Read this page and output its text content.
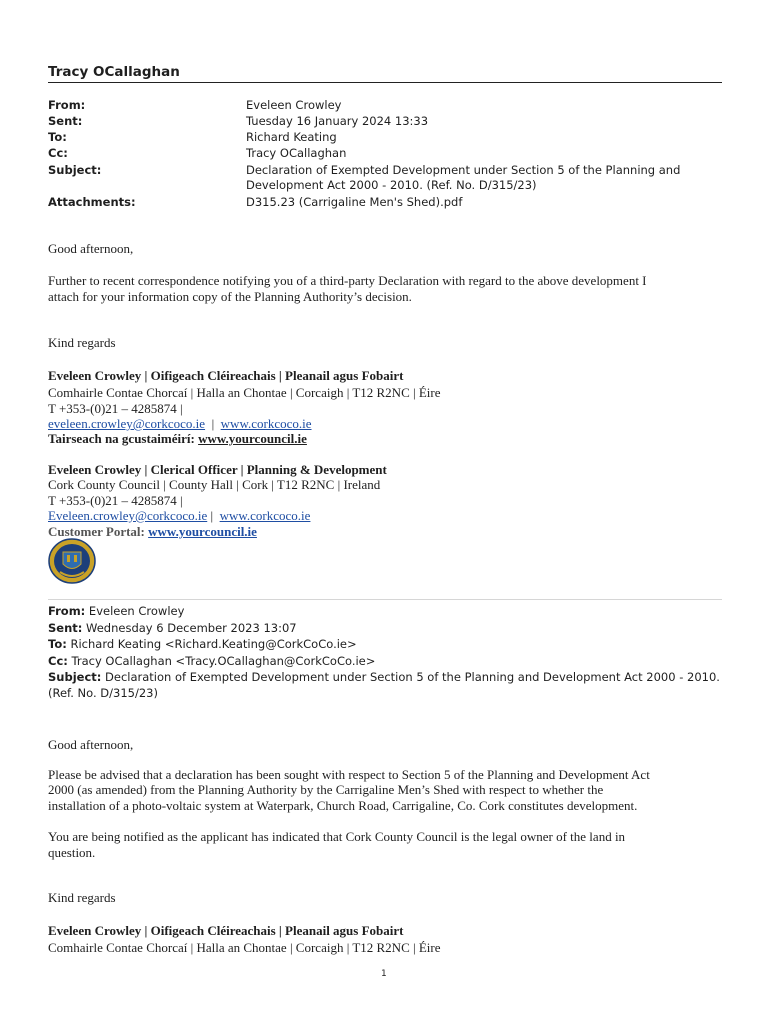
Tracy OCallaghan
From:	Eveleen Crowley
Sent:	Tuesday 16 January 2024 13:33
To:	Richard Keating
Cc:	Tracy OCallaghan
Subject:	Declaration of Exempted Development under Section 5 of the Planning and
Development Act 2000 - 2010. (Ref. No. D/315/23)
Attachments:	D315.23 (Carrigaline Men's Shed).pdf
Good afternoon,
Further to recent correspondence notifying you of a third-party Declaration with regard to the above development I
attach for your information copy of the Planning Authority’s decision.
Kind regards
Eveleen Crowley | Oifigeach Cléireachais | Pleanail agus Fobairt
Comhairle Contae Chorcaí | Halla an Chontae | Corcaigh | T12 R2NC | Éire
T +353-(0)21 – 4285874 |
eveleen.crowley@corkcoco.ie  |  www.corkcoco.ie
Tairseach na gcustaiméirí: www.yourcouncil.ie
Eveleen Crowley | Clerical Officer | Planning & Development
Cork County Council | County Hall | Cork | T12 R2NC | Ireland
T +353-(0)21 – 4285874 |
Eveleen.crowley@corkcoco.ie |  www.corkcoco.ie
Customer Portal: www.yourcouncil.ie
From: Eveleen Crowley
Sent: Wednesday 6 December 2023 13:07
To: Richard Keating <Richard.Keating@CorkCoCo.ie>
Cc: Tracy OCallaghan <Tracy.OCallaghan@CorkCoCo.ie>
Subject: Declaration of Exempted Development under Section 5 of the Planning and Development Act 2000 - 2010.
(Ref. No. D/315/23)
Good afternoon,
Please be advised that a declaration has been sought with respect to Section 5 of the Planning and Development Act
2000 (as amended) from the Planning Authority by the Carrigaline Men’s Shed with respect to whether the
installation of a photo-voltaic system at Waterpark, Church Road, Carrigaline, Co. Cork constitutes development.
You are being notified as the applicant has indicated that Cork County Council is the legal owner of the land in
question.
Kind regards
Eveleen Crowley | Oifigeach Cléireachais | Pleanail agus Fobairt
Comhairle Contae Chorcaí | Halla an Chontae | Corcaigh | T12 R2NC | Éire
1
